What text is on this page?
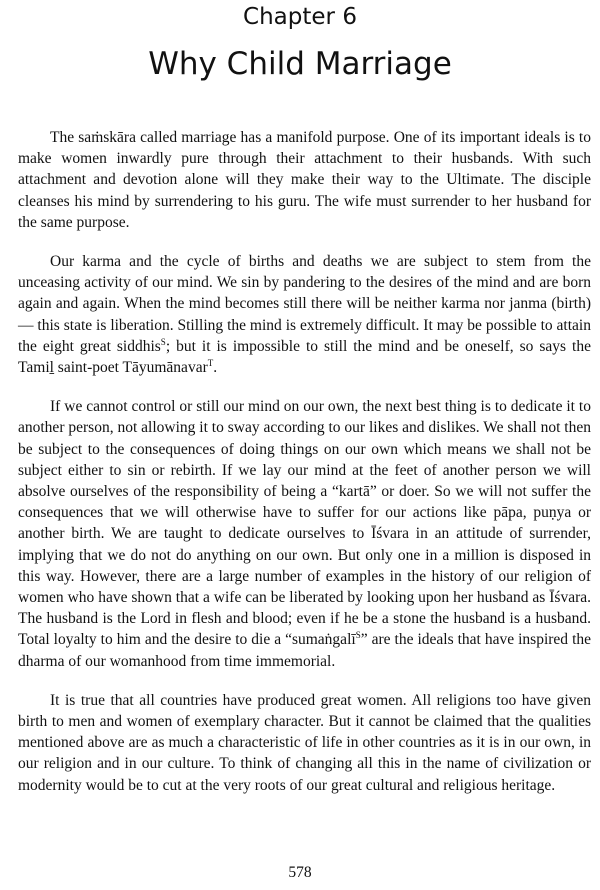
Chapter 6
Why Child Marriage

The saṁskāra called marriage has a manifold purpose. One of its important ideals is to make women inwardly pure through their attachment to their husbands. With such attachment and devotion alone will they make their way to the Ultimate. The disciple cleanses his mind by surrendering to his guru. The wife must surrender to her husband for the same purpose.

Our karma and the cycle of births and deaths we are subject to stem from the unceasing activity of our mind. We sin by pandering to the desires of the mind and are born again and again. When the mind becomes still there will be neither karma nor janma (birth) — this state is liberation. Stilling the mind is extremely difficult. It may be possible to attain the eight great siddhis$^S$; but it is impossible to still the mind and be oneself, so says the Tamiḻ saint-poet Tāyumānavar$^T$.

If we cannot control or still our mind on our own, the next best thing is to dedicate it to another person, not allowing it to sway according to our likes and dislikes. We shall not then be subject to the consequences of doing things on our own which means we shall not be subject either to sin or rebirth. If we lay our mind at the feet of another person we will absolve ourselves of the responsibility of being a “kartā” or doer. So we will not suffer the consequences that we will otherwise have to suffer for our actions like pāpa, puṇya or another birth. We are taught to dedicate ourselves to Īśvara in an attitude of surrender, implying that we do not do anything on our own. But only one in a million is disposed in this way. However, there are a large number of examples in the history of our religion of women who have shown that a wife can be liberated by looking upon her husband as Īśvara. The husband is the Lord in flesh and blood; even if he be a stone the husband is a husband. Total loyalty to him and the desire to die a “sumaṅgalī$^S$” are the ideals that have inspired the dharma of our womanhood from time immemorial.

It is true that all countries have produced great women. All religions too have given birth to men and women of exemplary character. But it cannot be claimed that the qualities mentioned above are as much a characteristic of life in other countries as it is in our own, in our religion and in our culture. To think of changing all this in the name of civilization or modernity would be to cut at the very roots of our great cultural and religious heritage.

578
